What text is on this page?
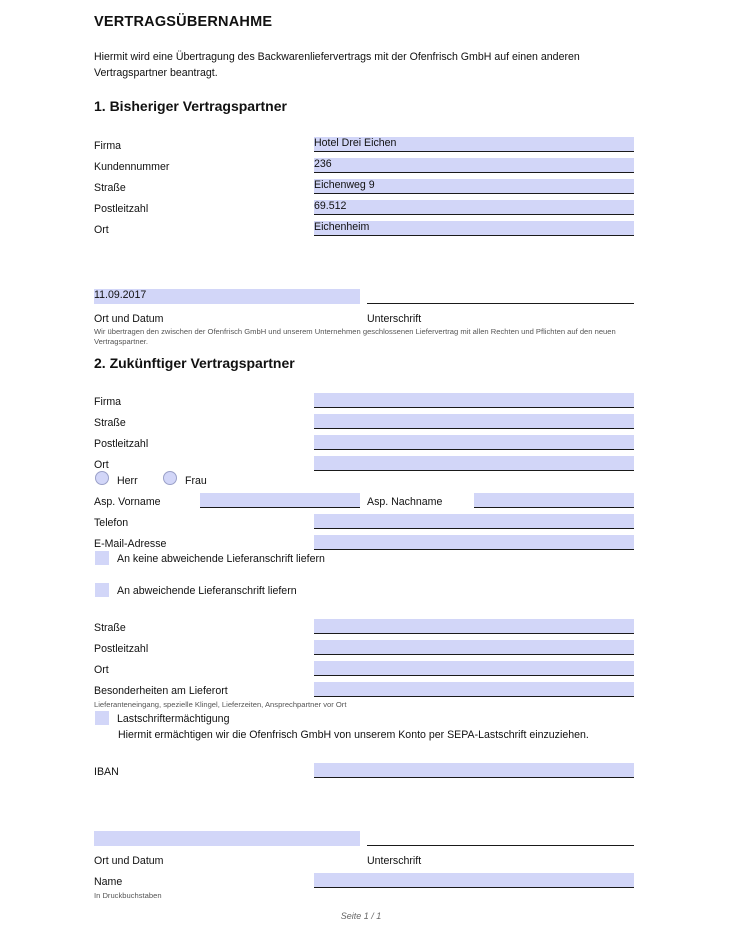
VERTRAGSÜBERNAHME
Hiermit wird eine Übertragung des Backwarenliefervertrags mit der Ofenfrisch GmbH auf einen anderen Vertragspartner beantragt.
1. Bisheriger Vertragspartner
Firma	Hotel Drei Eichen
Kundennummer	236
Straße	Eichenweg 9
Postleitzahl	69.512
Ort	Eichenheim
11.09.2017
Ort und Datum	Unterschrift
Wir übertragen den zwischen der Ofenfrisch GmbH und unserem Unternehmen geschlossenen Liefervertrag mit allen Rechten und Pflichten auf den neuen Vertragspartner.
2. Zukünftiger Vertragspartner
Firma
Straße
Postleitzahl
Ort
Herr	Frau
Asp. Vorname	Asp. Nachname
Telefon
E-Mail-Adresse
An keine abweichende Lieferanschrift liefern
An abweichende Lieferanschrift liefern
Straße
Postleitzahl
Ort
Besonderheiten am Lieferort
Lieferanteneingang, spezielle Klingel, Lieferzeiten, Ansprechpartner vor Ort
Lastschriftermächtigung
Hiermit ermächtigen wir die Ofenfrisch GmbH von unserem Konto per SEPA-Lastschrift einzuziehen.
IBAN
Ort und Datum	Unterschrift
Name
In Druckbuchstaben
Seite 1 / 1
